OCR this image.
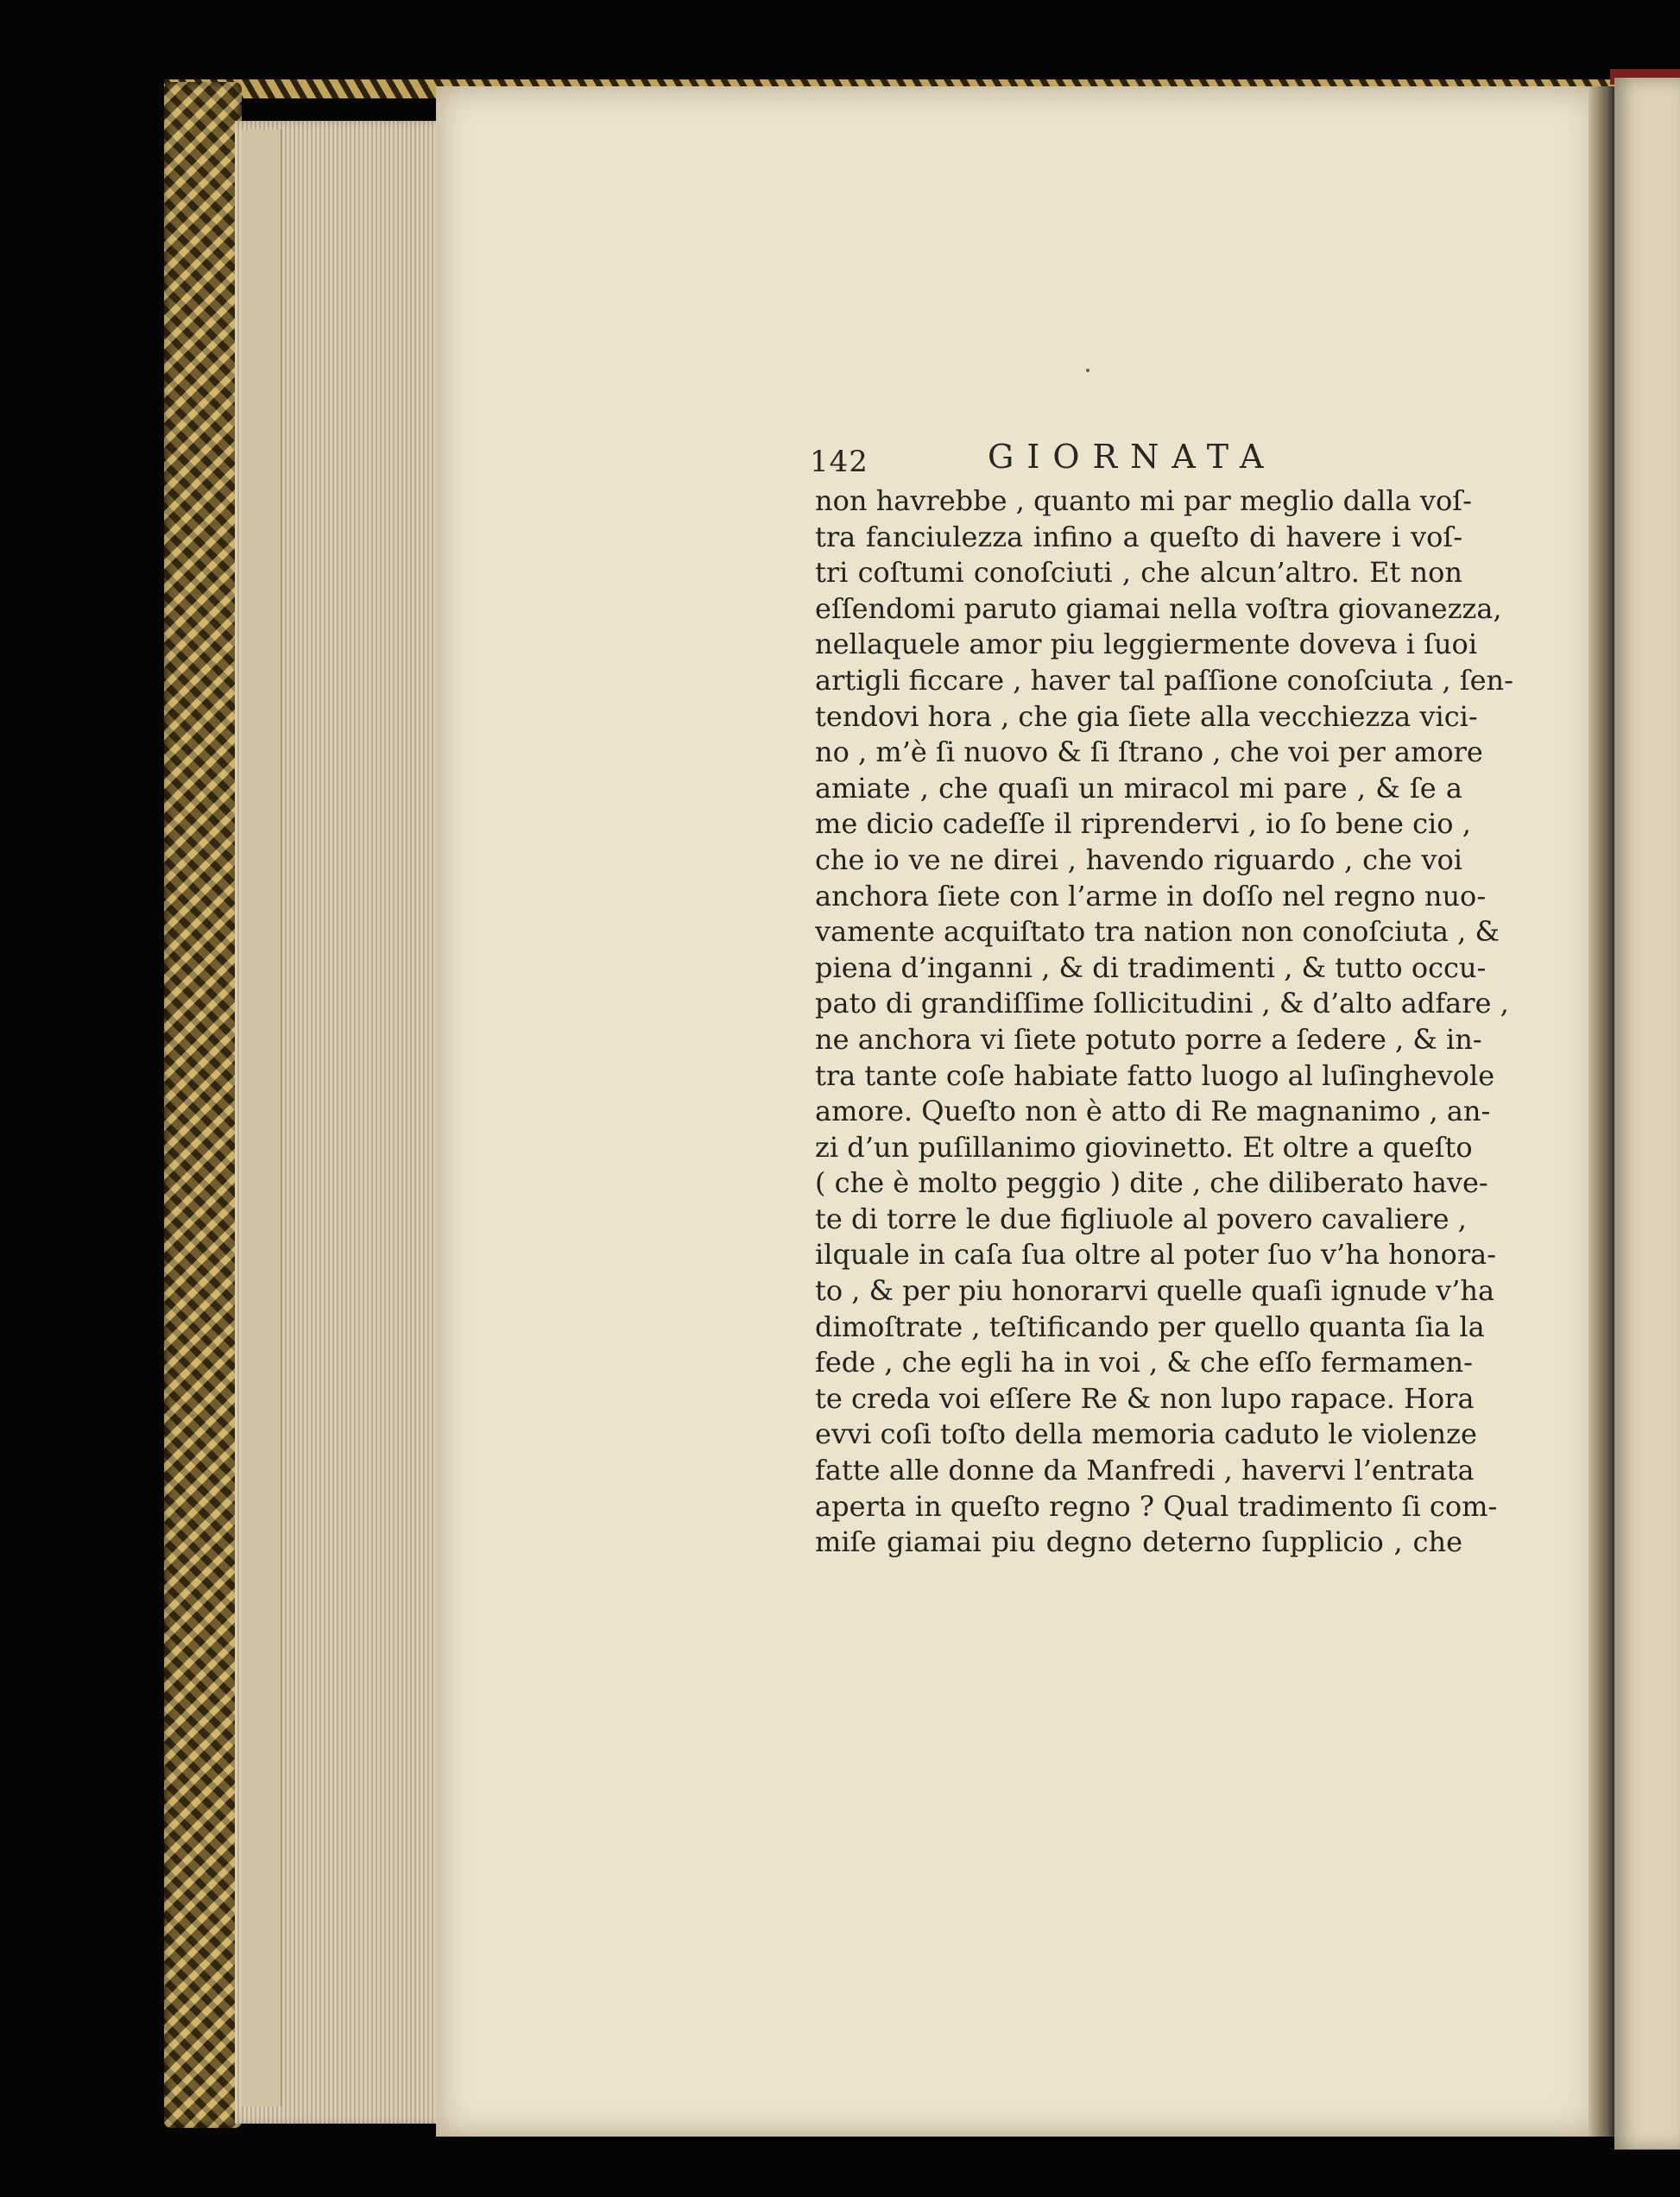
142	GIORNATA
non havrebbe , quanto mi par meglio dalla voſ-
tra fanciulezza infino a queſto di havere i voſ-
tri coſtumi conoſciuti , che alcun’altro. Et non
eſſendomi paruto giamai nella voſtra giovanezza,
nellaquele amor piu leggiermente doveva i ſuoi
artigli ficcare , haver tal paſſione conoſciuta , ſen-
tendovi hora , che gia ſiete alla vecchiezza vici-
no , m’è ſi nuovo & ſi ſtrano , che voi per amore
amiate , che quaſi un miracol mi pare , & ſe a
me dicio cadeſſe il riprendervi , io ſo bene cio ,
che io ve ne direi , havendo riguardo , che voi
anchora ſiete con l’arme in doſſo nel regno nuo-
vamente acquiſtato tra nation non conoſciuta , &
piena d’inganni , & di tradimenti , & tutto occu-
pato di grandiſſime ſollicitudini , & d’alto adfare ,
ne anchora vi ſiete potuto porre a ſedere , & in-
tra tante coſe habiate fatto luogo al luſinghevole
amore. Queſto non è atto di Re magnanimo , an-
zi d’un puſillanimo giovinetto. Et oltre a queſto
( che è molto peggio ) dite , che diliberato have-
te di torre le due figliuole al povero cavaliere ,
ilquale in caſa ſua oltre al poter ſuo v’ha honora-
to , & per piu honorarvi quelle quaſi ignude v’ha
dimoſtrate , teſtificando per quello quanta ſia la
fede , che egli ha in voi , & che eſſo fermamen-
te creda voi eſſere Re & non lupo rapace. Hora
evvi coſi toſto della memoria caduto le violenze
fatte alle donne da Manfredi , havervi l’entrata
aperta in queſto regno ? Qual tradimento ſi com-
miſe giamai piu degno deterno ſupplicio , che
